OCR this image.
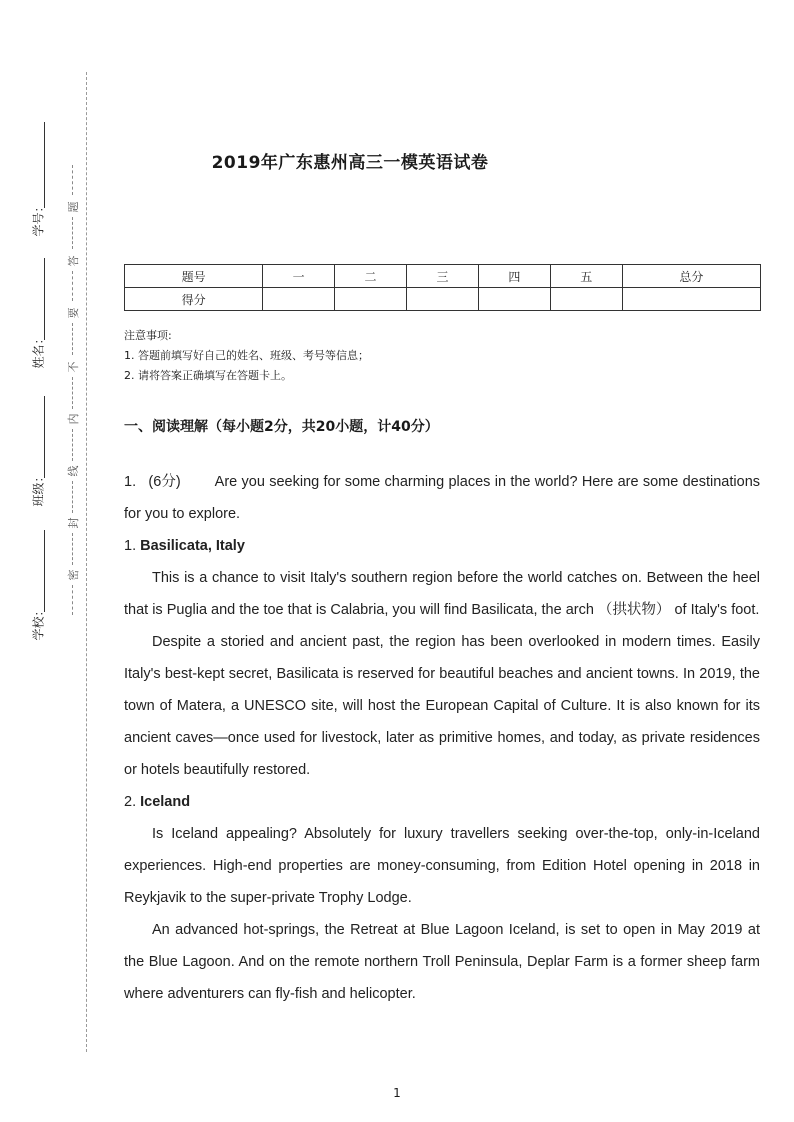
学号：
姓名：
班级：
学校：
题
答
要
不
内
线
封
密
2019年广东惠州高三一模英语试卷
题号	一	二	三	四	五	总分
得分						
注意事项:
1. 答题前填写好自己的姓名、班级、考号等信息；
2. 请将答案正确填写在答题卡上。
一、阅读理解（每小题2分，共20小题，计40分）

1. (6分) Are you seeking for some charming places in the world? Here are some destinations for you to explore.

1. Basilicata, Italy

This is a chance to visit Italy's southern region before the world catches on. Between the heel that is Puglia and the toe that is Calabria, you will find Basilicata, the arch （拱状物） of Italy's foot.

Despite a storied and ancient past, the region has been overlooked in modern times. Easily Italy's best-kept secret, Basilicata is reserved for beautiful beaches and ancient towns. In 2019, the town of Matera, a UNESCO site, will host the European Capital of Culture. It is also known for its ancient caves—once used for livestock, later as primitive homes, and today, as private residences or hotels beautifully restored.

2. Iceland

Is Iceland appealing? Absolutely for luxury travellers seeking over-the-top, only-in-Iceland experiences. High-end properties are money-consuming, from Edition Hotel opening in 2018 in Reykjavik to the super-private Trophy Lodge.

An advanced hot-springs, the Retreat at Blue Lagoon Iceland, is set to open in May 2019 at the Blue Lagoon. And on the remote northern Troll Peninsula, Deplar Farm is a former sheep farm where adventurers can fly-fish and helicopter.

1
